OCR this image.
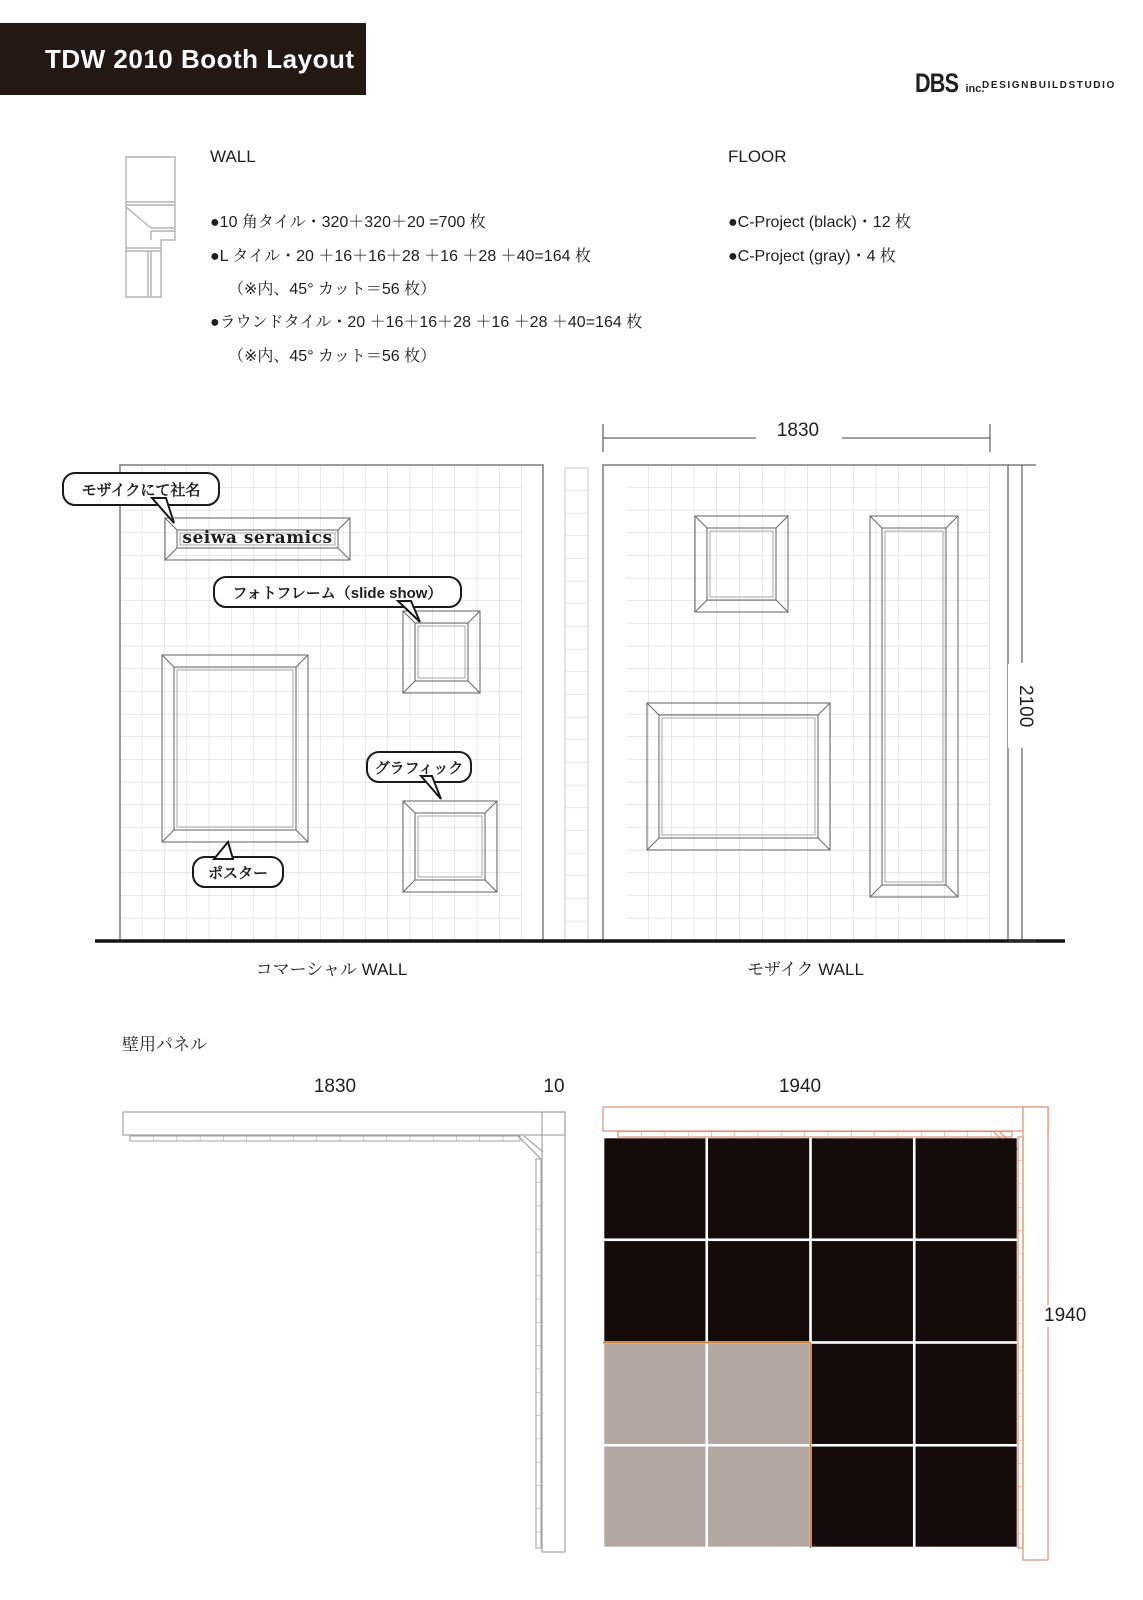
TDW 2010 Booth Layout
DBS inc.
DESIGNBUILDSTUDIO
WALL
●10 角タイル・320＋320＋20 =700 枚
●L タイル・20 ＋16＋16＋28 ＋16 ＋28 ＋40=164 枚
（※内、45° カット＝56 枚）
●ラウンドタイル・20 ＋16＋16＋28 ＋16 ＋28 ＋40=164 枚
（※内、45° カット＝56 枚）
FLOOR
●C-Project (black)・12 枚
●C-Project (gray)・4 枚
モザイクにて社名
フォトフレーム（slide show）
グラフィック
ポスター
seiwa seramics
コマーシャル WALL	モザイク WALL
1830
2100
壁用パネル
1830	10	1940
1940
